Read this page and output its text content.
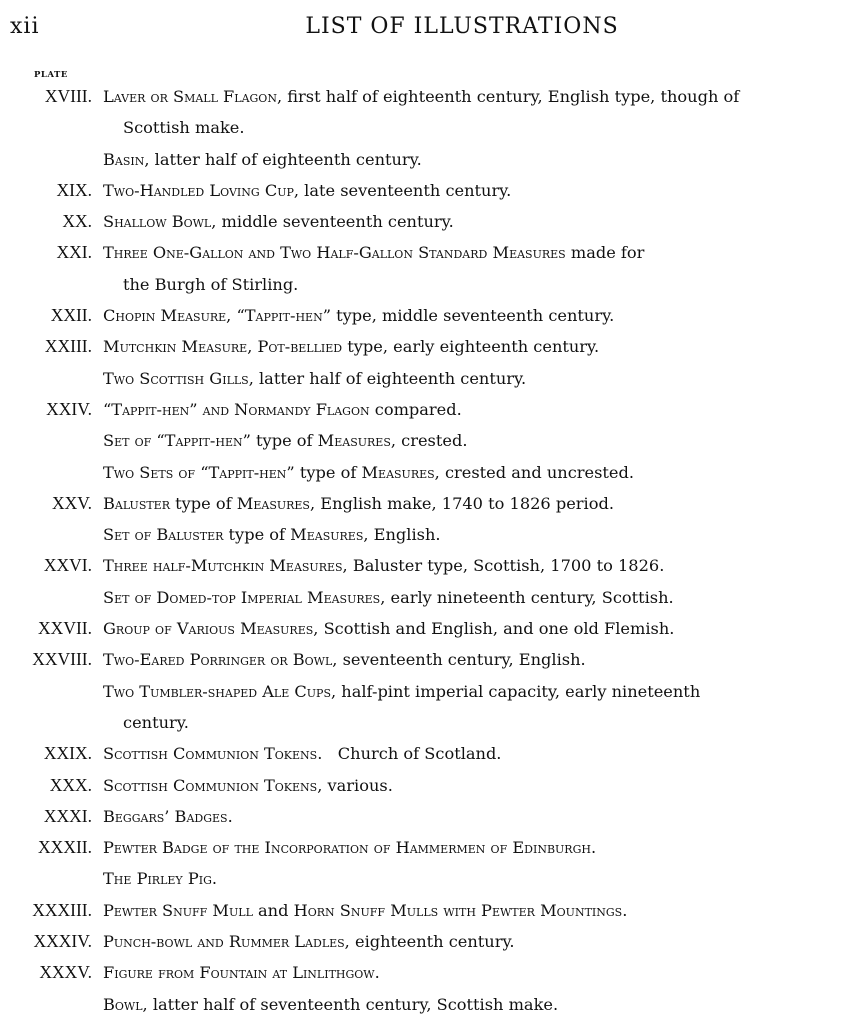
xii	LIST OF ILLUSTRATIONS
PLATE
XVIII. Laver or Small Flagon, first half of eighteenth century, English type, though of
Scottish make.
Basin, latter half of eighteenth century.
XIX. Two-Handled Loving Cup, late seventeenth century.
XX. Shallow Bowl, middle seventeenth century.
XXI. Three One-Gallon and Two Half-Gallon Standard Measures made for
the Burgh of Stirling.
XXII. Chopin Measure, “Tappit-hen” type, middle seventeenth century.
XXIII. Mutchkin Measure, Pot-bellied type, early eighteenth century.
Two Scottish Gills, latter half of eighteenth century.
XXIV. “Tappit-hen” and Normandy Flagon compared.
Set of “Tappit-hen” type of Measures, crested.
Two Sets of “Tappit-hen” type of Measures, crested and uncrested.
XXV. Baluster type of Measures, English make, 1740 to 1826 period.
Set of Baluster type of Measures, English.
XXVI. Three half-Mutchkin Measures, Baluster type, Scottish, 1700 to 1826.
Set of Domed-top Imperial Measures, early nineteenth century, Scottish.
XXVII. Group of Various Measures, Scottish and English, and one old Flemish.
XXVIII. Two-Eared Porringer or Bowl, seventeenth century, English.
Two Tumbler-shaped Ale Cups, half-pint imperial capacity, early nineteenth
century.
XXIX. Scottish Communion Tokens.   Church of Scotland.
XXX. Scottish Communion Tokens, various.
XXXI. Beggars’ Badges.
XXXII. Pewter Badge of the Incorporation of Hammermen of Edinburgh.
The Pirley Pig.
XXXIII. Pewter Snuff Mull and Horn Snuff Mulls with Pewter Mountings.
XXXIV. Punch-bowl and Rummer Ladles, eighteenth century.
XXXV. Figure from Fountain at Linlithgow.
Bowl, latter half of seventeenth century, Scottish make.
